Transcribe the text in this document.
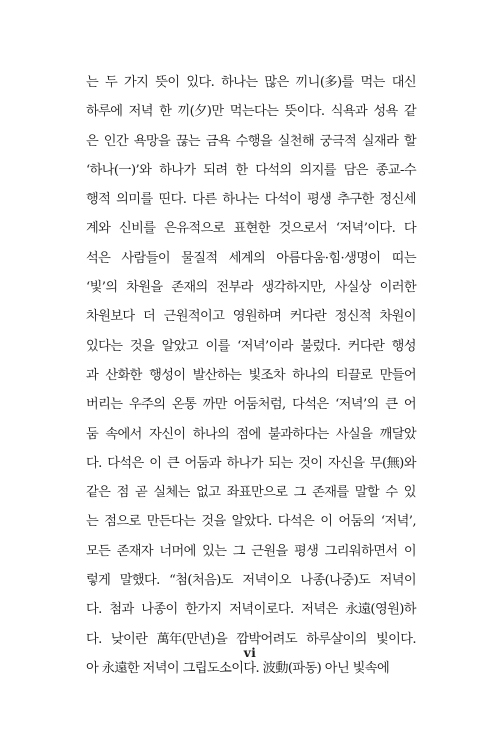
는 두 가지 뜻이 있다. 하나는 많은 끼니(多)를 먹는 대신
하루에 저녁 한 끼(夕)만 먹는다는 뜻이다. 식욕과 성욕 같
은 인간 욕망을 끊는 금욕 수행을 실천해 궁극적 실재라 할
‘하나(一)’와 하나가 되려 한 다석의 의지를 담은 종교-수
행적 의미를 띤다. 다른 하나는 다석이 평생 추구한 정신세
계와 신비를 은유적으로 표현한 것으로서 ‘저녁’이다. 다
석은 사람들이 물질적 세계의 아름다움·힘·생명이 띠는
‘빛’의 차원을 존재의 전부라 생각하지만, 사실상 이러한
차원보다 더 근원적이고 영원하며 커다란 정신적 차원이
있다는 것을 알았고 이를 ‘저녁’이라 불렀다. 커다란 행성
과 산화한 행성이 발산하는 빛조차 하나의 티끌로 만들어
버리는 우주의 온통 까만 어둠처럼, 다석은 ‘저녁’의 큰 어
둠 속에서 자신이 하나의 점에 불과하다는 사실을 깨달았
다. 다석은 이 큰 어둠과 하나가 되는 것이 자신을 무(無)와
같은 점 곧 실체는 없고 좌표만으로 그 존재를 말할 수 있
는 점으로 만든다는 것을 알았다. 다석은 이 어둠의 ‘저녁’,
모든 존재자 너머에 있는 그 근원을 평생 그리워하면서 이
렇게 말했다. “첨(처음)도 저녁이오 나종(나중)도 저녁이
다. 첨과 나종이 한가지 저녁이로다. 저녁은 永遠(영원)하
다. 낮이란 萬年(만년)을 깜박어려도 하루살이의 빛이다.
아 永遠한 저녁이 그립도소이다. 波動(파동) 아닌 빛속에
vi
